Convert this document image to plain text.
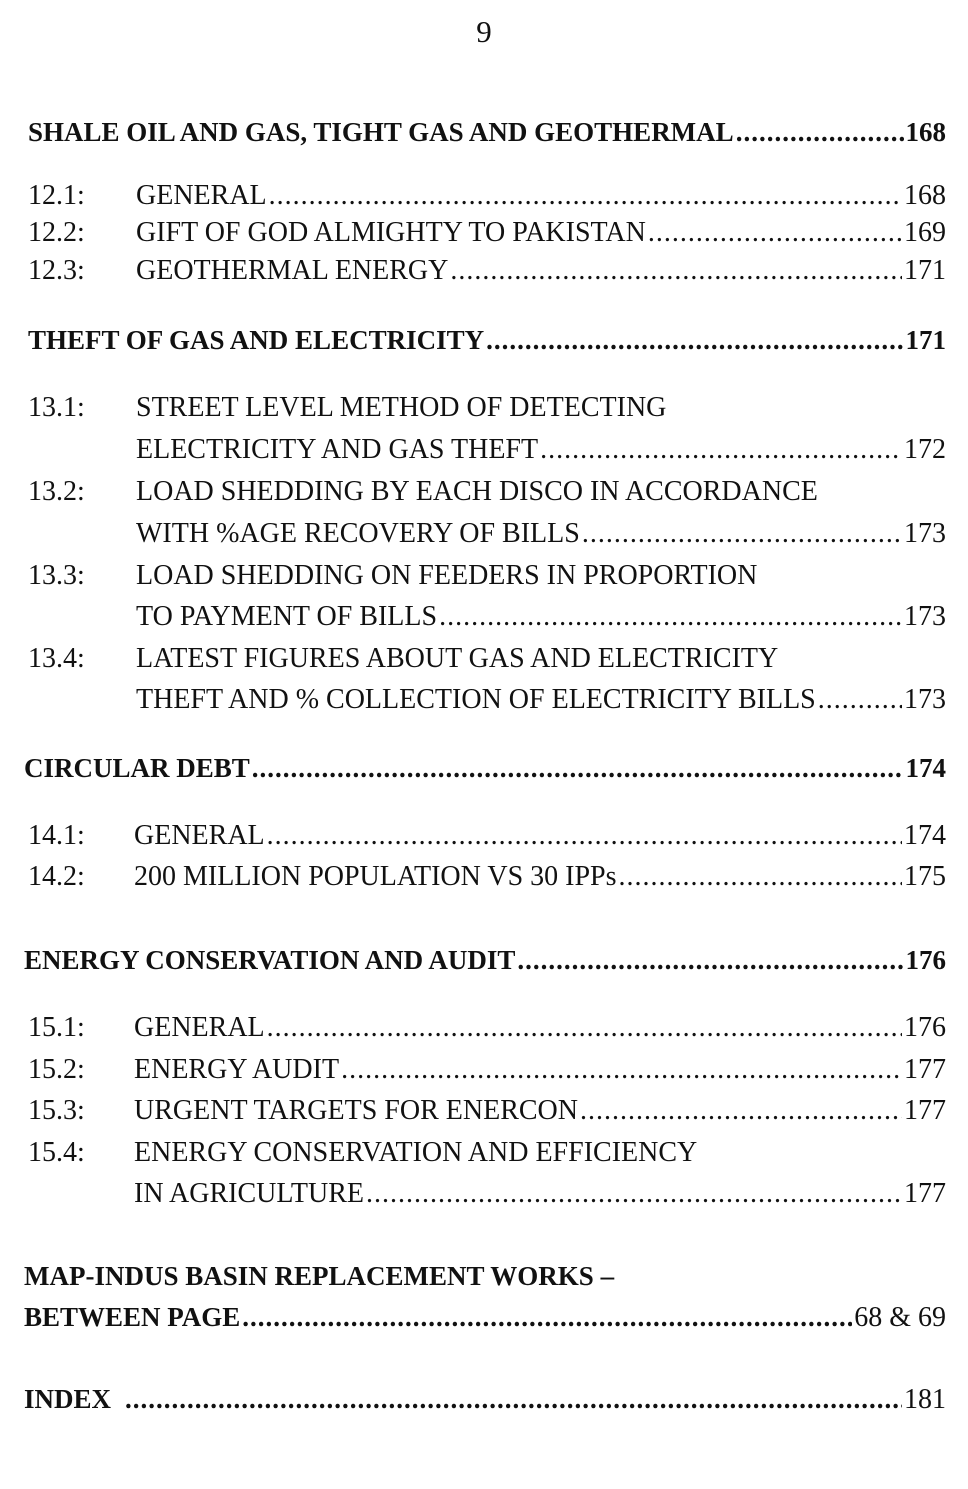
9
SHALE OIL AND GAS, TIGHT GAS AND GEOTHERMAL .....	168
12.1: GENERAL .....	168
12.2: GIFT OF GOD ALMIGHTY TO PAKISTAN .....	169
12.3: GEOTHERMAL ENERGY .....	171
THEFT OF GAS AND ELECTRICITY .....	171
13.1: STREET LEVEL METHOD OF DETECTING
ELECTRICITY AND GAS THEFT .....	172
13.2: LOAD SHEDDING BY EACH DISCO IN ACCORDANCE
WITH %AGE RECOVERY OF BILLS .....	173
13.3: LOAD SHEDDING ON FEEDERS IN PROPORTION
TO PAYMENT OF BILLS .....	173
13.4: LATEST FIGURES ABOUT GAS AND ELECTRICITY
THEFT AND % COLLECTION OF ELECTRICITY BILLS .....	173
CIRCULAR DEBT .....	174
14.1: GENERAL .....	174
14.2: 200 MILLION POPULATION VS 30 IPPs .....	175
ENERGY CONSERVATION AND AUDIT .....	176
15.1: GENERAL .....	176
15.2: ENERGY AUDIT .....	177
15.3: URGENT TARGETS FOR ENERCON .....	177
15.4: ENERGY CONSERVATION AND EFFICIENCY
IN AGRICULTURE .....	177
MAP-INDUS BASIN REPLACEMENT WORKS –
BETWEEN PAGE .....	68 & 69
INDEX .....	181
